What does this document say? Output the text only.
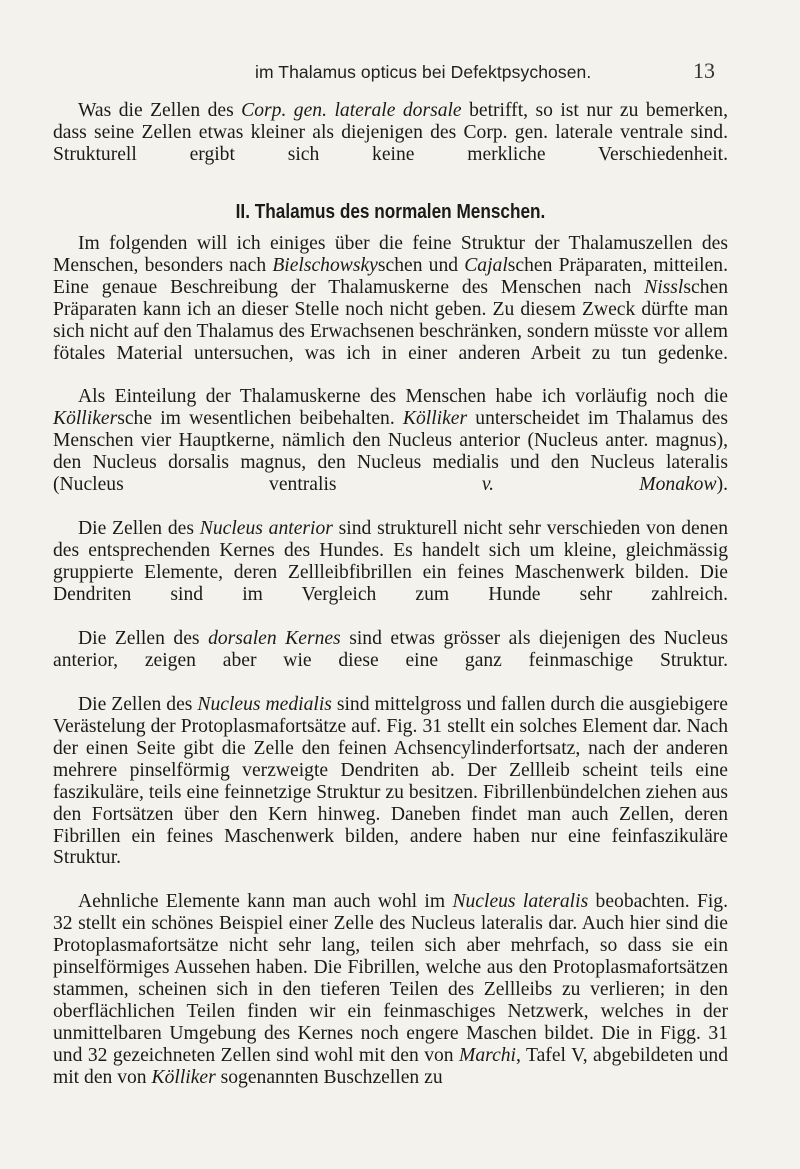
im Thalamus opticus bei Defektpsychosen.	13

Was die Zellen des Corp. gen. laterale dorsale betrifft, so ist nur zu bemerken, dass seine Zellen etwas kleiner als diejenigen des Corp. gen. laterale ventrale sind. Strukturell ergibt sich keine merkliche Verschiedenheit.

II. Thalamus des normalen Menschen.

Im folgenden will ich einiges über die feine Struktur der Thalamuszellen des Menschen, besonders nach Bielschowskyschen und Cajalschen Präparaten, mitteilen. Eine genaue Beschreibung der Thalamuskerne des Menschen nach Nisslschen Präparaten kann ich an dieser Stelle noch nicht geben. Zu diesem Zweck dürfte man sich nicht auf den Thalamus des Erwachsenen beschränken, sondern müsste vor allem fötales Material untersuchen, was ich in einer anderen Arbeit zu tun gedenke.

Als Einteilung der Thalamuskerne des Menschen habe ich vorläufig noch die Köllikersche im wesentlichen beibehalten. Kölliker unterscheidet im Thalamus des Menschen vier Hauptkerne, nämlich den Nucleus anterior (Nucleus anter. magnus), den Nucleus dorsalis magnus, den Nucleus medialis und den Nucleus lateralis (Nucleus ventralis v. Monakow).

Die Zellen des Nucleus anterior sind strukturell nicht sehr verschieden von denen des entsprechenden Kernes des Hundes. Es handelt sich um kleine, gleichmässig gruppierte Elemente, deren Zellleibfibrillen ein feines Maschenwerk bilden. Die Dendriten sind im Vergleich zum Hunde sehr zahlreich.

Die Zellen des dorsalen Kernes sind etwas grösser als diejenigen des Nucleus anterior, zeigen aber wie diese eine ganz feinmaschige Struktur.

Die Zellen des Nucleus medialis sind mittelgross und fallen durch die ausgiebigere Verästelung der Protoplasmafortsätze auf. Fig. 31 stellt ein solches Element dar. Nach der einen Seite gibt die Zelle den feinen Achsencylinderfortsatz, nach der anderen mehrere pinselförmig verzweigte Dendriten ab. Der Zellleib scheint teils eine faszikuläre, teils eine feinnetzige Struktur zu besitzen. Fibrillenbündelchen ziehen aus den Fortsätzen über den Kern hinweg. Daneben findet man auch Zellen, deren Fibrillen ein feines Maschenwerk bilden, andere haben nur eine feinfaszikuläre Struktur.

Aehnliche Elemente kann man auch wohl im Nucleus lateralis beobachten. Fig. 32 stellt ein schönes Beispiel einer Zelle des Nucleus lateralis dar. Auch hier sind die Protoplasmafortsätze nicht sehr lang, teilen sich aber mehrfach, so dass sie ein pinselförmiges Aussehen haben. Die Fibrillen, welche aus den Protoplasmafortsätzen stammen, scheinen sich in den tieferen Teilen des Zellleibs zu verlieren; in den oberflächlichen Teilen finden wir ein feinmaschiges Netzwerk, welches in der unmittelbaren Umgebung des Kernes noch engere Maschen bildet. Die in Figg. 31 und 32 gezeichneten Zellen sind wohl mit den von Marchi, Tafel V, abgebildeten und mit den von Kölliker sogenannten Buschzellen zu
